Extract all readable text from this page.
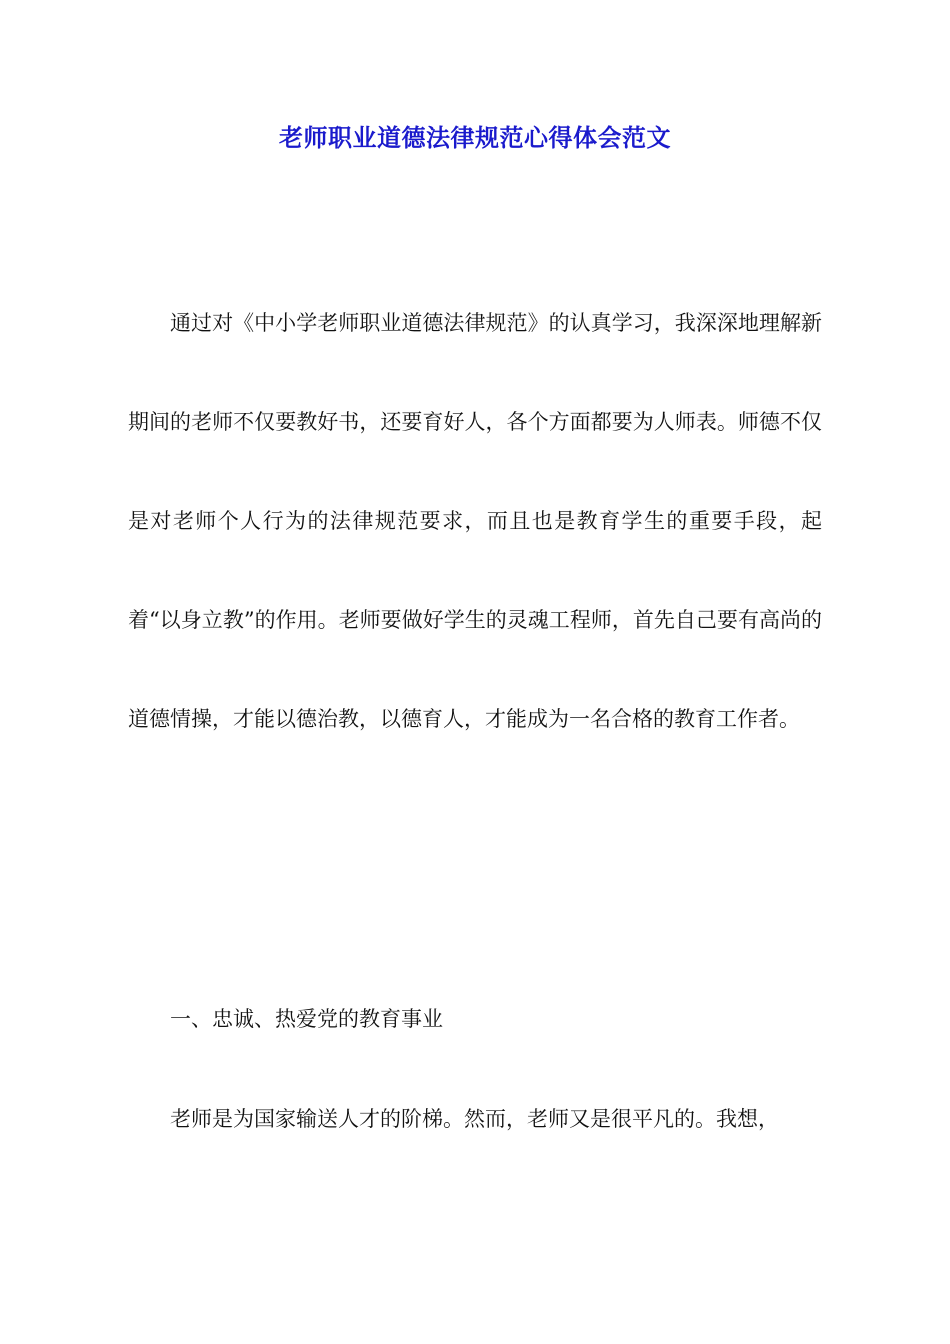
老师职业道德法律规范心得体会范文

通过对《中小学老师职业道德法律规范》的认真学习，我深深地理解新期间的老师不仅要教好书，还要育好人，各个方面都要为人师表。师德不仅是对老师个人行为的法律规范要求，而且也是教育学生的重要手段，起着“以身立教”的作用。老师要做好学生的灵魂工程师，首先自己要有高尚的道德情操，才能以德治教，以德育人，才能成为一名合格的教育工作者。

一、忠诚、热爱党的教育事业

老师是为国家输送人才的阶梯。然而，老师又是很平凡的。我想，
